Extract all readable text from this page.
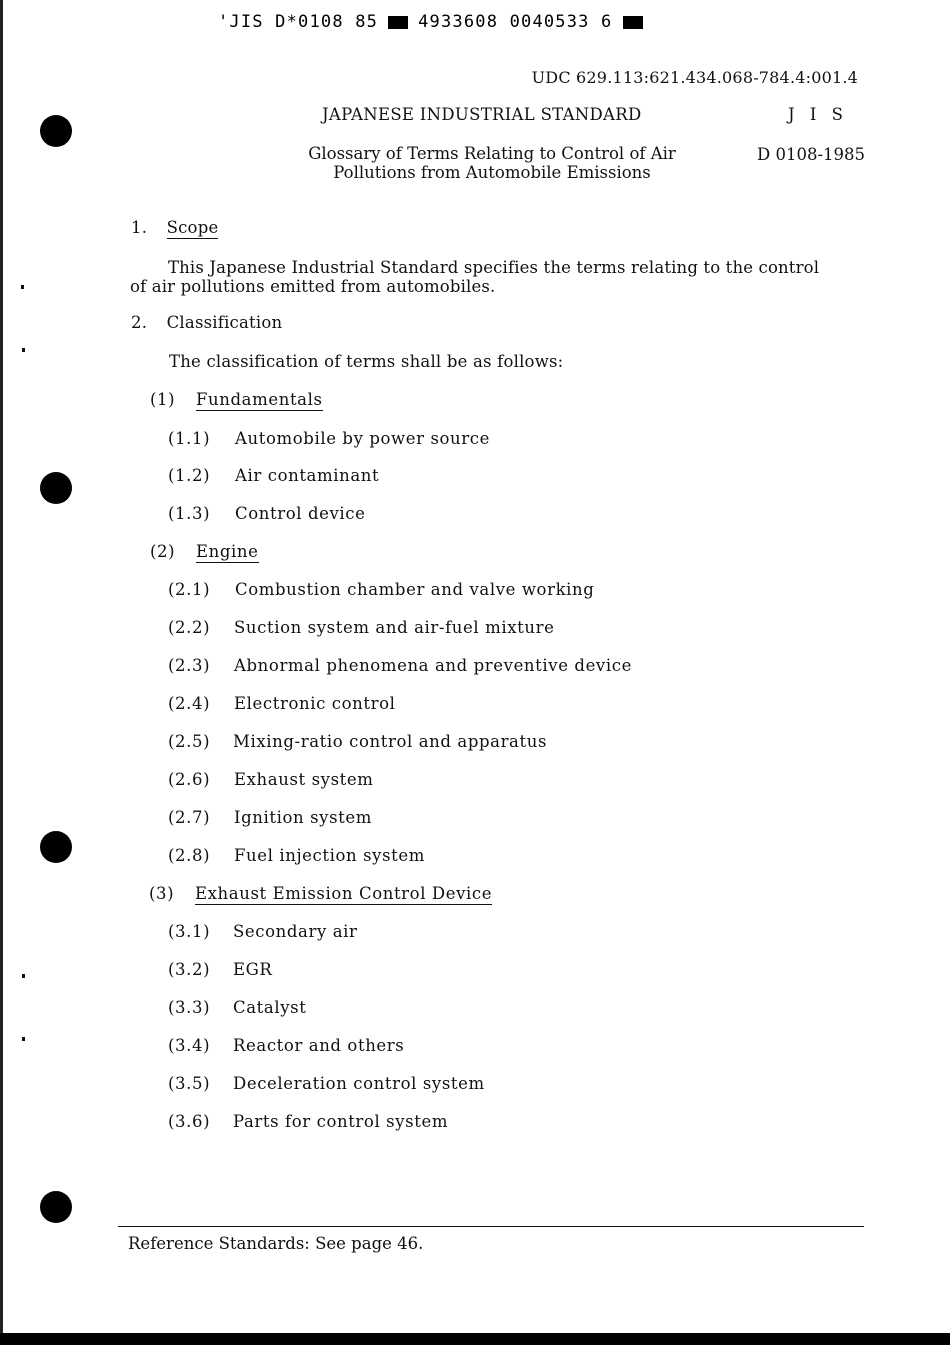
'JIS D*0108 85 4933608 0040533 6
UDC 629.113:621.434.068-784.4:001.4
JAPANESE INDUSTRIAL STANDARD	J I S
Glossary of Terms Relating to Control of Air
Pollutions from Automobile Emissions
D 0108-1985
1. Scope
This Japanese Industrial Standard specifies the terms relating to the control of air pollutions emitted from automobiles.
2. Classification
The classification of terms shall be as follows:
(1)	Fundamentals
(1.1)	Automobile by power source
(1.2)	Air contaminant
(1.3)	Control device
(2)	Engine
(2.1)	Combustion chamber and valve working
(2.2)	Suction system and air-fuel mixture
(2.3)	Abnormal phenomena and preventive device
(2.4)	Electronic control
(2.5)	Mixing-ratio control and apparatus
(2.6)	Exhaust system
(2.7)	Ignition system
(2.8)	Fuel injection system
(3)	Exhaust Emission Control Device
(3.1)	Secondary air
(3.2)	EGR
(3.3)	Catalyst
(3.4)	Reactor and others
(3.5)	Deceleration control system
(3.6)	Parts for control system
Reference Standards: See page 46.
